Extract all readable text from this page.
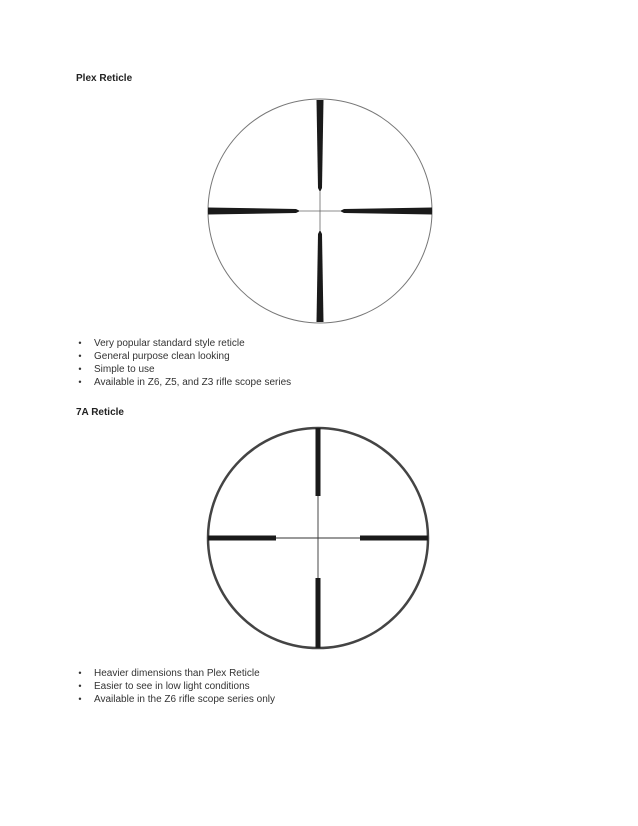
Plex Reticle
• Very popular standard style reticle
• General purpose clean looking
• Simple to use
• Available in Z6, Z5, and Z3 rifle scope series
7A Reticle
• Heavier dimensions than Plex Reticle
• Easier to see in low light conditions
• Available in the Z6 rifle scope series only
